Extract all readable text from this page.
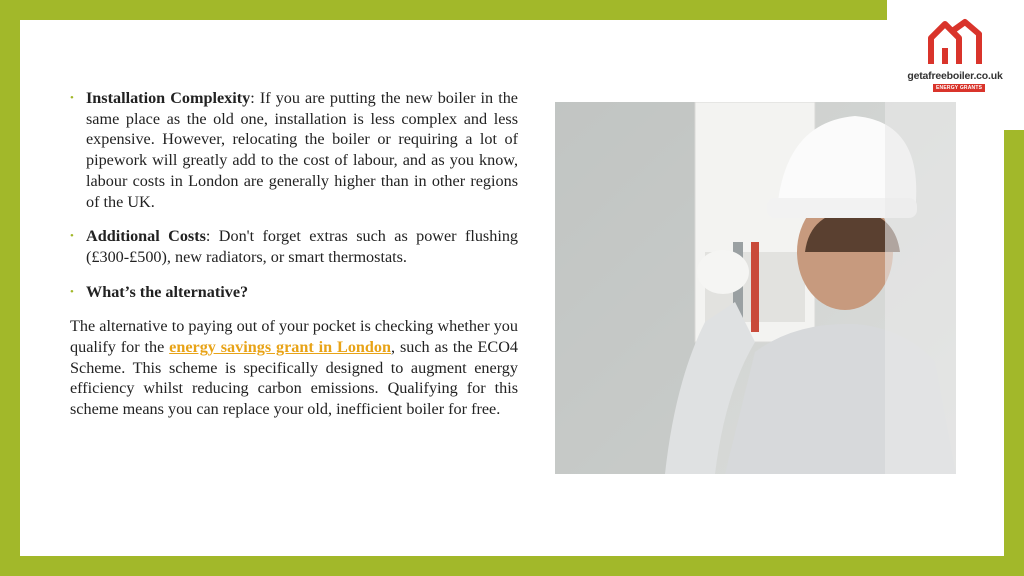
getafreeboiler.co.uk
ENERGY GRANTS
• Installation Complexity: If you are putting the new boiler in the same place as the old one, installation is less complex and less expensive. However, relocating the boiler or requiring a lot of pipework will greatly add to the cost of labour, and as you know, labour costs in London are generally higher than in other regions of the UK.
• Additional Costs: Don't forget extras such as power flushing (£300-£500), new radiators, or smart thermostats.
• What’s the alternative?
The alternative to paying out of your pocket is checking whether you qualify for the energy savings grant in London, such as the ECO4 Scheme. This scheme is specifically designed to augment energy efficiency whilst reducing carbon emissions. Qualifying for this scheme means you can replace your old, inefficient boiler for free.
